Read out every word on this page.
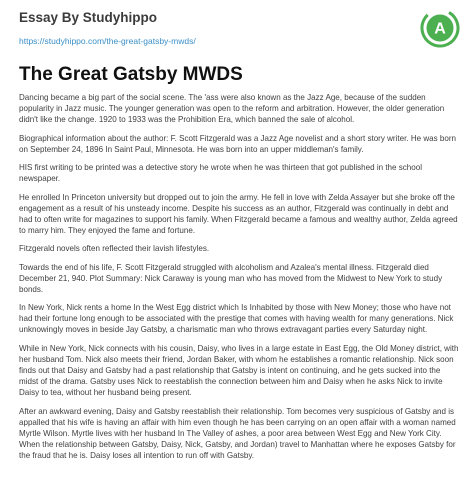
Essay By Studyhippo
https://studyhippo.com/the-great-gatsby-mwds/
A
The Great Gatsby MWDS

Dancing became a big part of the social scene. The 'ass were also known as the Jazz Age, because of the sudden popularity in Jazz music. The younger generation was open to the reform and arbitration. However, the older generation didn't like the change. 1920 to 1933 was the Prohibition Era, which banned the sale of alcohol.

Biographical information about the author: F. Scott Fitzgerald was a Jazz Age novelist and a short story writer. He was born on September 24, 1896 In Saint Paul, Minnesota. He was born into an upper middleman's family.

HIS first writing to be printed was a detective story he wrote when he was thirteen that got published in the school newspaper.

He enrolled In Princeton university but dropped out to join the army. He fell in love with Zelda Assayer but she broke off the engagement as a result of his unsteady income. Despite his success as an author, Fitzgerald was continually in debt and had to often write for magazines to support his family. When Fitzgerald became a famous and wealthy author, Zelda agreed to marry him. They enjoyed the fame and fortune.

Fitzgerald novels often reflected their lavish lifestyles.

Towards the end of his life, F. Scott Fitzgerald struggled with alcoholism and Azalea's mental illness. Fitzgerald died December 21, 940. Plot Summary: Nick Caraway is young man who has moved from the Midwest to New York to study bonds.

In New York, Nick rents a home In the West Egg district which Is Inhabited by those with New Money; those who have not had their fortune long enough to be associated with the prestige that comes with having wealth for many generations. Nick unknowingly moves in beside Jay Gatsby, a charismatic man who throws extravagant parties every Saturday night.

While in New York, Nick connects with his cousin, Daisy, who lives in a large estate in East Egg, the Old Money district, with her husband Tom. Nick also meets their friend, Jordan Baker, with whom he establishes a romantic relationship. Nick soon finds out that Daisy and Gatsby had a past relationship that Gatsby is intent on continuing, and he gets sucked into the midst of the drama. Gatsby uses Nick to reestablish the connection between him and Daisy when he asks Nick to invite Daisy to tea, without her husband being present.

After an awkward evening, Daisy and Gatsby reestablish their relationship. Tom becomes very suspicious of Gatsby and is appalled that his wife is having an affair with him even though he has been carrying on an open affair with a woman named Myrtle Wilson. Myrtle lives with her husband In The Valley of ashes, a poor area between West Egg and New York City. When the relationship between Gatsby, Daisy, Nick, Gatsby, and Jordan) travel to Manhattan where he exposes Gatsby for the fraud that he is. Daisy loses all intention to run off with Gatsby.
